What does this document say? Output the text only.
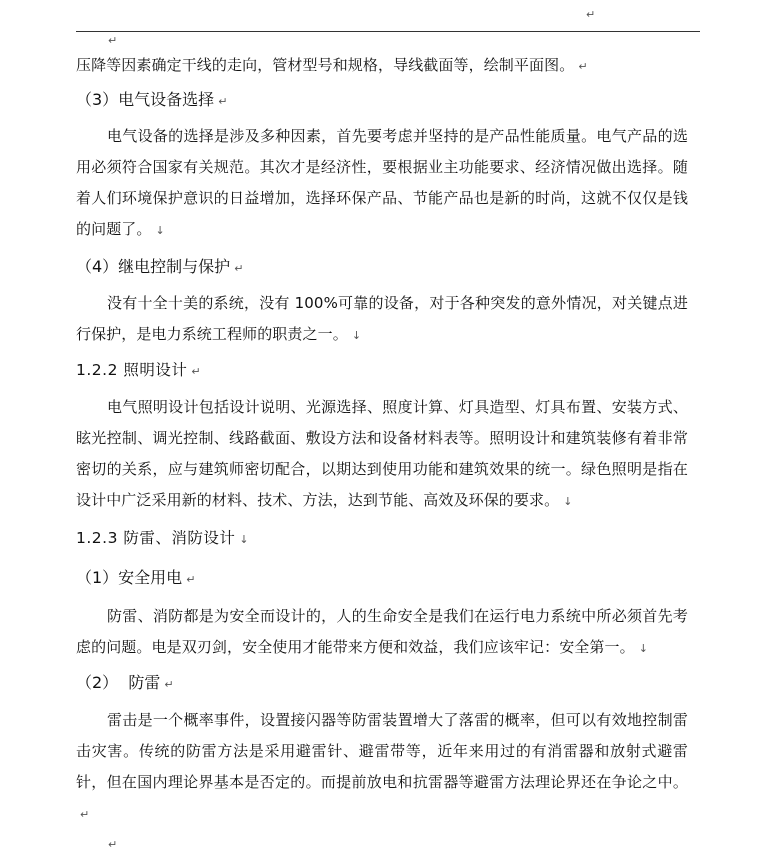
↵
↵

压降等因素确定干线的走向，管材型号和规格，导线截面等，绘制平面图。 ↵

（3）电气设备选择 ↵

电气设备的选择是涉及多种因素，首先要考虑并坚持的是产品性能质量。电气产品的选用必须符合国家有关规范。其次才是经济性，要根据业主功能要求、经济情况做出选择。随着人们环境保护意识的日益增加，选择环保产品、节能产品也是新的时尚，这就不仅仅是钱的问题了。 ↓

（4）继电控制与保护 ↵

没有十全十美的系统，没有 100%可靠的设备，对于各种突发的意外情况，对关键点进行保护，是电力系统工程师的职责之一。 ↓

1.2.2 照明设计 ↵

电气照明设计包括设计说明、光源选择、照度计算、灯具造型、灯具布置、安装方式、眩光控制、调光控制、线路截面、敷设方法和设备材料表等。照明设计和建筑装修有着非常密切的关系，应与建筑师密切配合，以期达到使用功能和建筑效果的统一。绿色照明是指在设计中广泛采用新的材料、技术、方法，达到节能、高效及环保的要求。 ↓

1.2.3 防雷、消防设计 ↓
（1）安全用电 ↵

防雷、消防都是为安全而设计的，人的生命安全是我们在运行电力系统中所必须首先考虑的问题。电是双刃剑，安全使用才能带来方便和效益，我们应该牢记：安全第一。 ↓

（2）  防雷 ↵

雷击是一个概率事件，设置接闪器等防雷装置增大了落雷的概率，但可以有效地控制雷击灾害。传统的防雷方法是采用避雷针、避雷带等，近年来用过的有消雷器和放射式避雷针，但在国内理论界基本是否定的。而提前放电和抗雷器等避雷方法理论界还在争论之中。↵

↵
